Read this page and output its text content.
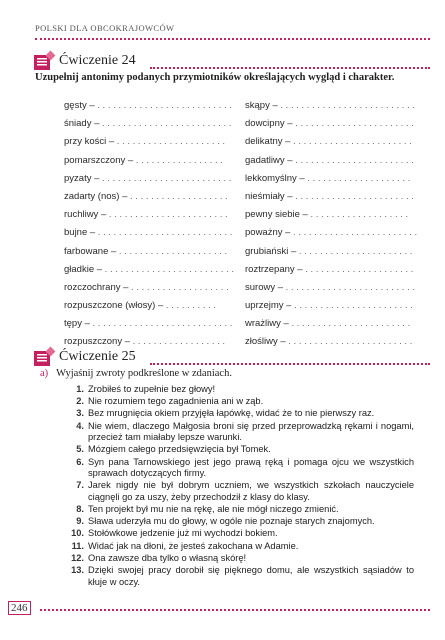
POLSKI DLA OBCOKRAJOWCÓW
Ćwiczenie 24
Uzupełnij antonimy podanych przymiotników określających wygląd i charakter.
gęsty – . . . . . . . . . . . . . . . . . . . . . . . . . .
śniady – . . . . . . . . . . . . . . . . . . . . . . . . .
przy kości – . . . . . . . . . . . . . . . . . . . . .
pomarszczony – . . . . . . . . . . . . . . . . .
pyzaty – . . . . . . . . . . . . . . . . . . . . . . . . .
zadarty (nos) – . . . . . . . . . . . . . . . . . . .
ruchliwy – . . . . . . . . . . . . . . . . . . . . . . .
bujne – . . . . . . . . . . . . . . . . . . . . . . . . . .
farbowane – . . . . . . . . . . . . . . . . . . . . .
gładkie – . . . . . . . . . . . . . . . . . . . . . . . . .
rozczochrany – . . . . . . . . . . . . . . . . . . .
rozpuszczone (włosy) – . . . . . . . . . .
tępy – . . . . . . . . . . . . . . . . . . . . . . . . . . .
rozpuszczony – . . . . . . . . . . . . . . . . . .
skąpy – . . . . . . . . . . . . . . . . . . . . . . . . . .
dowcipny – . . . . . . . . . . . . . . . . . . . . . . .
delikatny – . . . . . . . . . . . . . . . . . . . . . . .
gadatliwy – . . . . . . . . . . . . . . . . . . . . . . .
lekkomyślny – . . . . . . . . . . . . . . . . . . . .
nieśmiały – . . . . . . . . . . . . . . . . . . . . . . .
pewny siebie – . . . . . . . . . . . . . . . . . . .
poważny – . . . . . . . . . . . . . . . . . . . . . . . .
grubiański – . . . . . . . . . . . . . . . . . . . . . .
roztrzepany – . . . . . . . . . . . . . . . . . . . . .
surowy – . . . . . . . . . . . . . . . . . . . . . . . . .
uprzejmy – . . . . . . . . . . . . . . . . . . . . . . .
wrażliwy – . . . . . . . . . . . . . . . . . . . . . . .
złośliwy – . . . . . . . . . . . . . . . . . . . . . . . .
Ćwiczenie 25
a) Wyjaśnij zwroty podkreślone w zdaniach.
1. Zrobiłeś to zupełnie bez głowy!
2. Nie rozumiem tego zagadnienia ani w ząb.
3. Bez mrugnięcia okiem przyjęła łapówkę, widać że to nie pierwszy raz.
4. Nie wiem, dlaczego Małgosia broni się przed przeprowadzką rękami i nogami, przecież tam miałaby lepsze warunki.
5. Mózgiem całego przedsięwzięcia był Tomek.
6. Syn pana Tarnowskiego jest jego prawą ręką i pomaga ojcu we wszystkich sprawach dotyczących firmy.
7. Jarek nigdy nie był dobrym uczniem, we wszystkich szkołach nauczyciele ciągnęli go za uszy, żeby przechodził z klasy do klasy.
8. Ten projekt był mu nie na rękę, ale nie mógł niczego zmienić.
9. Sława uderzyła mu do głowy, w ogóle nie poznaje starych znajomych.
10. Stołówkowe jedzenie już mi wychodzi bokiem.
11. Widać jak na dłoni, że jesteś zakochana w Adamie.
12. Ona zawsze dba tylko o własną skórę!
13. Dzięki swojej pracy dorobił się pięknego domu, ale wszystkich sąsiadów to kłuje w oczy.
246
